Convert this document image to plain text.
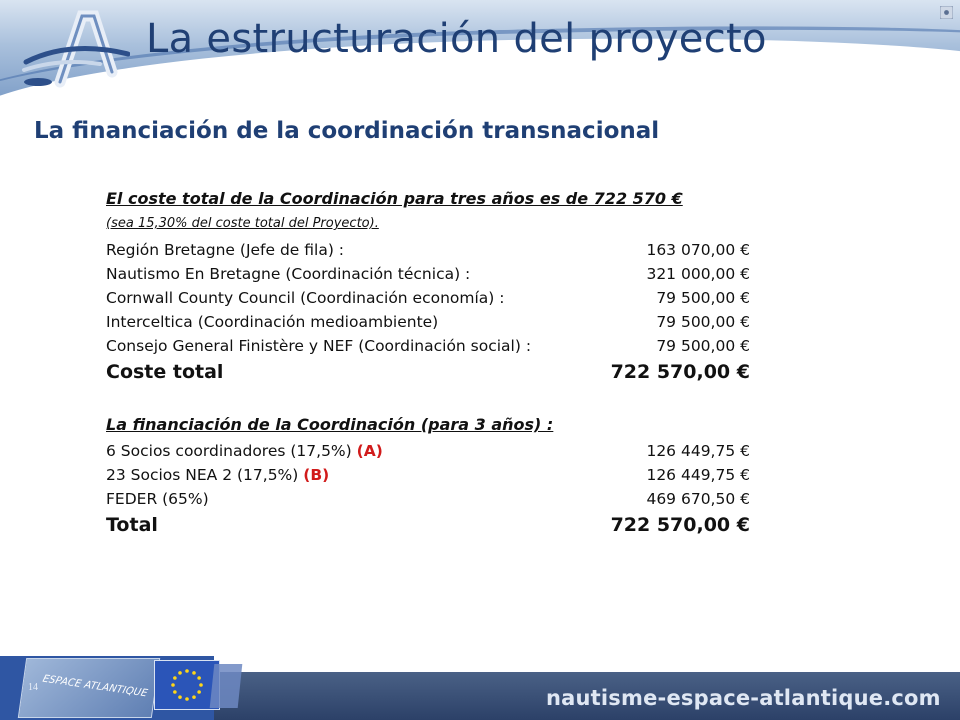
La estructuración del proyecto
La financiación de la coordinación transnacional
El coste total de la Coordinación para tres años es de 722 570 €
(sea 15,30% del coste total del Proyecto).
Región Bretagne (Jefe de fila) :	163 070,00 €
Nautismo En Bretagne (Coordinación técnica) :	321 000,00 €
Cornwall County Council (Coordinación economía) :	79 500,00 €
Interceltica (Coordinación medioambiente)	79 500,00 €
Consejo General Finistère y NEF (Coordinación social) :	79 500,00 €
Coste total	722 570,00 €
La financiación de la Coordinación (para 3 años) :
6 Socios coordinadores (17,5%) (A)	126 449,75 €
23 Socios NEA 2 (17,5%) (B)	126 449,75 €
FEDER (65%)	469 670,50 €
Total	722 570,00 €
ESPACE ATLANTIQUE
14	nautisme-espace-atlantique.com
